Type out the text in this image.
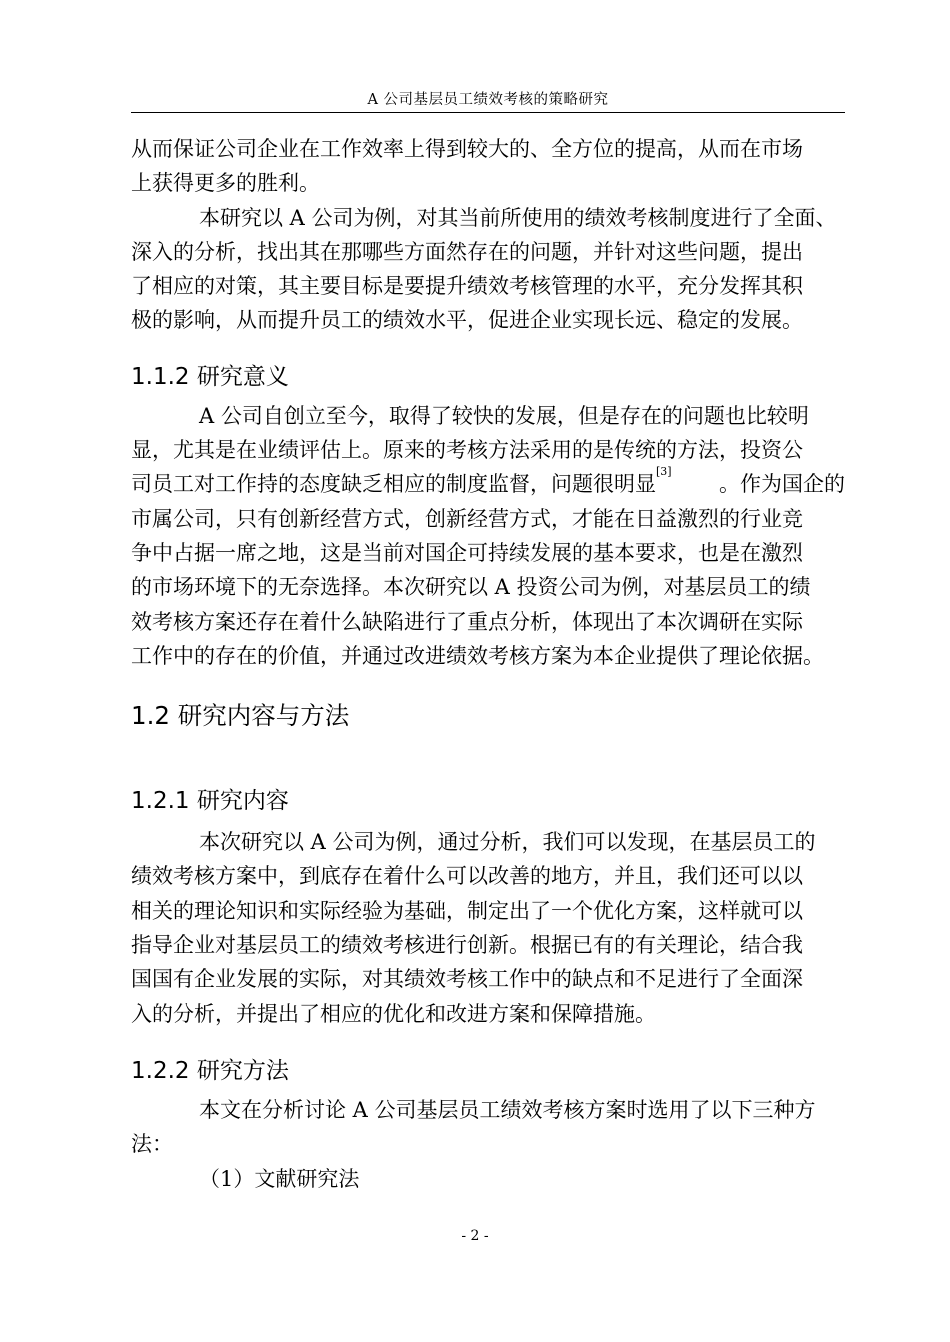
A 公司基层员工绩效考核的策略研究
从而保证公司企业在工作效率上得到较大的、全方位的提高，从而在市场
上获得更多的胜利。
本研究以 A 公司为例，对其当前所使用的绩效考核制度进行了全面、
深入的分析，找出其在那哪些方面然存在的问题，并针对这些问题，提出
了相应的对策，其主要目标是要提升绩效考核管理的水平，充分发挥其积
极的影响，从而提升员工的绩效水平，促进企业实现长远、稳定的发展。
1.1.2 研究意义
A 公司自创立至今，取得了较快的发展，但是存在的问题也比较明
显，尤其是在业绩评估上。原来的考核方法采用的是传统的方法，投资公
司员工对工作持的态度缺乏相应的制度监督，问题很明显[3]
。作为国企的
市属公司，只有创新经营方式，创新经营方式，才能在日益激烈的行业竞
争中占据一席之地，这是当前对国企可持续发展的基本要求，也是在激烈
的市场环境下的无奈选择。本次研究以 A 投资公司为例，对基层员工的绩
效考核方案还存在着什么缺陷进行了重点分析，体现出了本次调研在实际
工作中的存在的价值，并通过改进绩效考核方案为本企业提供了理论依据。
1.2 研究内容与方法
1.2.1 研究内容
本次研究以 A 公司为例，通过分析，我们可以发现，在基层员工的
绩效考核方案中，到底存在着什么可以改善的地方，并且，我们还可以以
相关的理论知识和实际经验为基础，制定出了一个优化方案，这样就可以
指导企业对基层员工的绩效考核进行创新。根据已有的有关理论，结合我
国国有企业发展的实际，对其绩效考核工作中的缺点和不足进行了全面深
入的分析，并提出了相应的优化和改进方案和保障措施。
1.2.2 研究方法
本文在分析讨论 A 公司基层员工绩效考核方案时选用了以下三种方
法：
（1）文献研究法
- 2 -
